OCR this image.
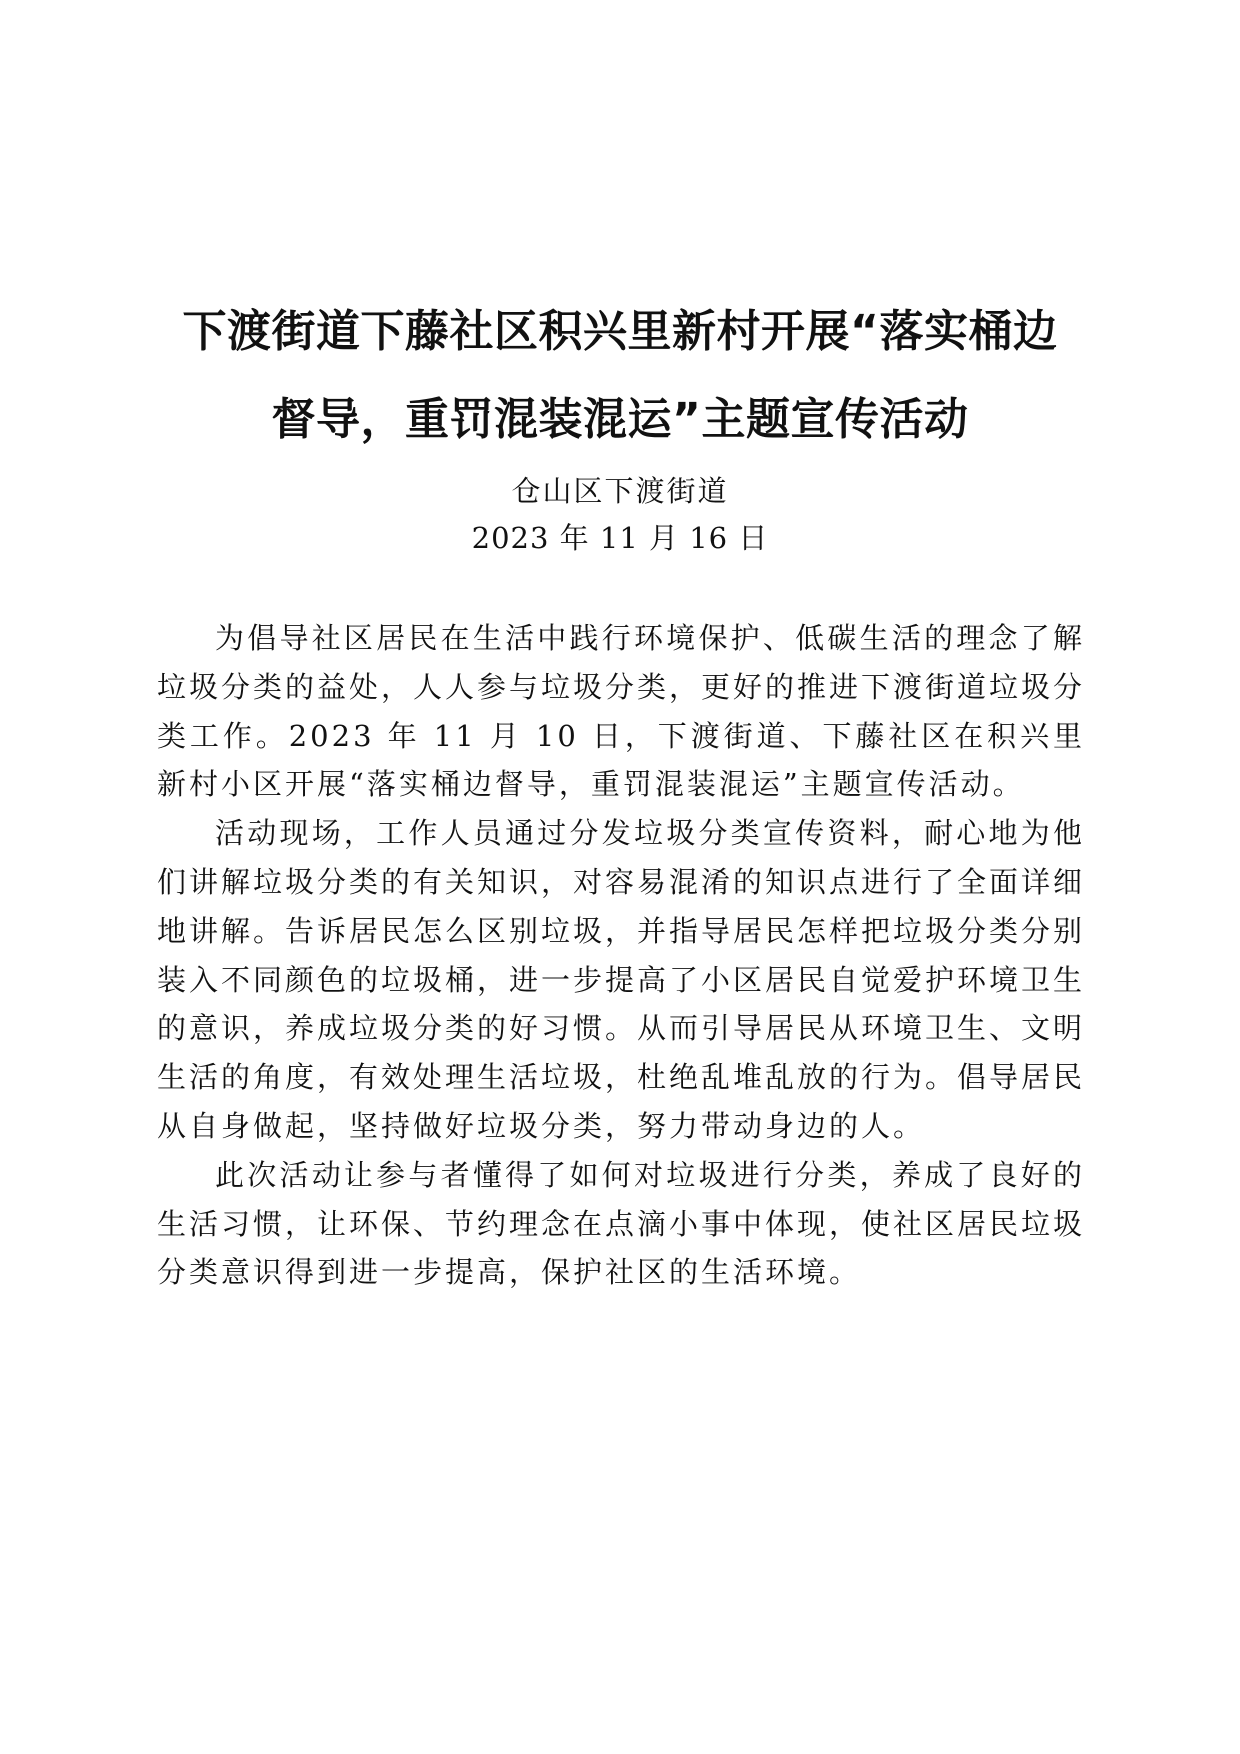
下渡街道下藤社区积兴里新村开展“落实桶边
督导，重罚混装混运”主题宣传活动

仓山区下渡街道

2023 年 11 月 16 日

为倡导社区居民在生活中践行环境保护、低碳生活的理念了解垃圾分类的益处，人人参与垃圾分类，更好的推进下渡街道垃圾分类工作。2023 年 11 月 10 日，下渡街道、下藤社区在积兴里新村小区开展“落实桶边督导，重罚混装混运”主题宣传活动。

活动现场，工作人员通过分发垃圾分类宣传资料，耐心地为他们讲解垃圾分类的有关知识，对容易混淆的知识点进行了全面详细地讲解。告诉居民怎么区别垃圾，并指导居民怎样把垃圾分类分别装入不同颜色的垃圾桶，进一步提高了小区居民自觉爱护环境卫生的意识，养成垃圾分类的好习惯。从而引导居民从环境卫生、文明生活的角度，有效处理生活垃圾，杜绝乱堆乱放的行为。倡导居民从自身做起，坚持做好垃圾分类，努力带动身边的人。

此次活动让参与者懂得了如何对垃圾进行分类，养成了良好的生活习惯，让环保、节约理念在点滴小事中体现，使社区居民垃圾分类意识得到进一步提高，保护社区的生活环境。
